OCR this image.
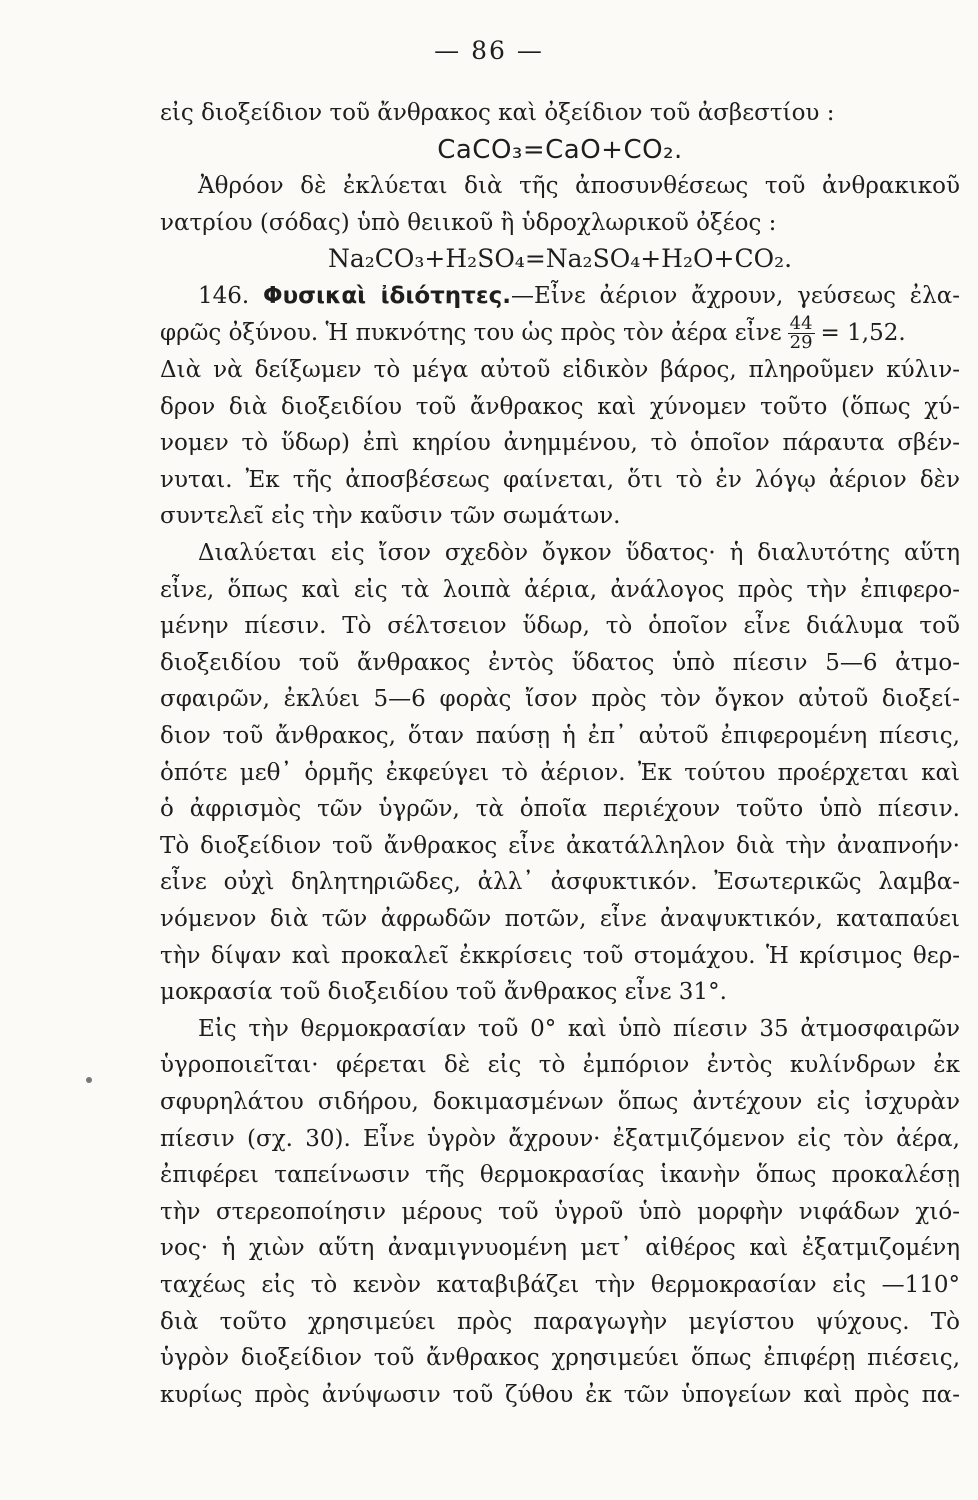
— 86 —
εἰς διοξείδιον τοῦ ἄνθρακος καὶ ὀξείδιον τοῦ ἀσβεστίου :
CaCO₃=CaO+CO₂.
Ἀθρόον δὲ ἐκλύεται διὰ τῆς ἀποσυνθέσεως τοῦ ἀνθρακικοῦ
νατρίου (σόδας) ὑπὸ θειικοῦ ἢ ὑδροχλωρικοῦ ὀξέος :
Na₂CO₃+H₂SO₄=Na₂SO₄+H₂O+CO₂.
146. Φυσικαὶ ἰδιότητες.—Εἶνε ἀέριον ἄχρουν, γεύσεως ἐλα-
φρῶς ὀξύνου. Ἡ πυκνότης του ὡς πρὸς τὸν ἀέρα εἶνε $\frac{44}{29} = 1,52$.
Διὰ νὰ δείξωμεν τὸ μέγα αὐτοῦ εἰδικὸν βάρος, πληροῦμεν κύλιν-
δρον διὰ διοξειδίου τοῦ ἄνθρακος καὶ χύνομεν τοῦτο (ὅπως χύ-
νομεν τὸ ὕδωρ) ἐπὶ κηρίου ἀνημμένου, τὸ ὁποῖον πάραυτα σβέν-
νυται. Ἐκ τῆς ἀποσβέσεως φαίνεται, ὅτι τὸ ἐν λόγῳ ἀέριον δὲν
συντελεῖ εἰς τὴν καῦσιν τῶν σωμάτων.
Διαλύεται εἰς ἴσον σχεδὸν ὄγκον ὕδατος· ἡ διαλυτότης αὕτη
εἶνε, ὅπως καὶ εἰς τὰ λοιπὰ ἀέρια, ἀνάλογος πρὸς τὴν ἐπιφερο-
μένην πίεσιν. Τὸ σέλτσειον ὕδωρ, τὸ ὁποῖον εἶνε διάλυμα τοῦ
διοξειδίου τοῦ ἄνθρακος ἐντὸς ὕδατος ὑπὸ πίεσιν 5—6 ἀτμο-
σφαιρῶν, ἐκλύει 5—6 φορὰς ἴσον πρὸς τὸν ὄγκον αὐτοῦ διοξεί-
διον τοῦ ἄνθρακος, ὅταν παύσῃ ἡ ἐπ᾽ αὐτοῦ ἐπιφερομένη πίεσις,
ὁπότε μεθ᾽ ὁρμῆς ἐκφεύγει τὸ ἀέριον. Ἐκ τούτου προέρχεται καὶ
ὁ ἀφρισμὸς τῶν ὑγρῶν, τὰ ὁποῖα περιέχουν τοῦτο ὑπὸ πίεσιν.
Τὸ διοξείδιον τοῦ ἄνθρακος εἶνε ἀκατάλληλον διὰ τὴν ἀναπνοήν·
εἶνε οὐχὶ δηλητηριῶδες, ἀλλ᾽ ἀσφυκτικόν. Ἐσωτερικῶς λαμβα-
νόμενον διὰ τῶν ἀφρωδῶν ποτῶν, εἶνε ἀναψυκτικόν, καταπαύει
τὴν δίψαν καὶ προκαλεῖ ἐκκρίσεις τοῦ στομάχου. Ἡ κρίσιμος θερ-
μοκρασία τοῦ διοξειδίου τοῦ ἄνθρακος εἶνε 31°.
Εἰς τὴν θερμοκρασίαν τοῦ 0° καὶ ὑπὸ πίεσιν 35 ἀτμοσφαιρῶν
ὑγροποιεῖται· φέρεται δὲ εἰς τὸ ἐμπόριον ἐντὸς κυλίνδρων ἐκ
σφυρηλάτου σιδήρου, δοκιμασμένων ὅπως ἀντέχουν εἰς ἰσχυρὰν
πίεσιν (σχ. 30). Εἶνε ὑγρὸν ἄχρουν· ἐξατμιζόμενον εἰς τὸν ἀέρα,
ἐπιφέρει ταπείνωσιν τῆς θερμοκρασίας ἱκανὴν ὅπως προκαλέσῃ
τὴν στερεοποίησιν μέρους τοῦ ὑγροῦ ὑπὸ μορφὴν νιφάδων χιό-
νος· ἡ χιὼν αὕτη ἀναμιγνυομένη μετ᾽ αἰθέρος καὶ ἐξατμιζομένη
ταχέως εἰς τὸ κενὸν καταβιβάζει τὴν θερμοκρασίαν εἰς —110°
διὰ τοῦτο χρησιμεύει πρὸς παραγωγὴν μεγίστου ψύχους. Τὸ
ὑγρὸν διοξείδιον τοῦ ἄνθρακος χρησιμεύει ὅπως ἐπιφέρῃ πιέσεις,
κυρίως πρὸς ἀνύψωσιν τοῦ ζύθου ἐκ τῶν ὑπογείων καὶ πρὸς πα-
